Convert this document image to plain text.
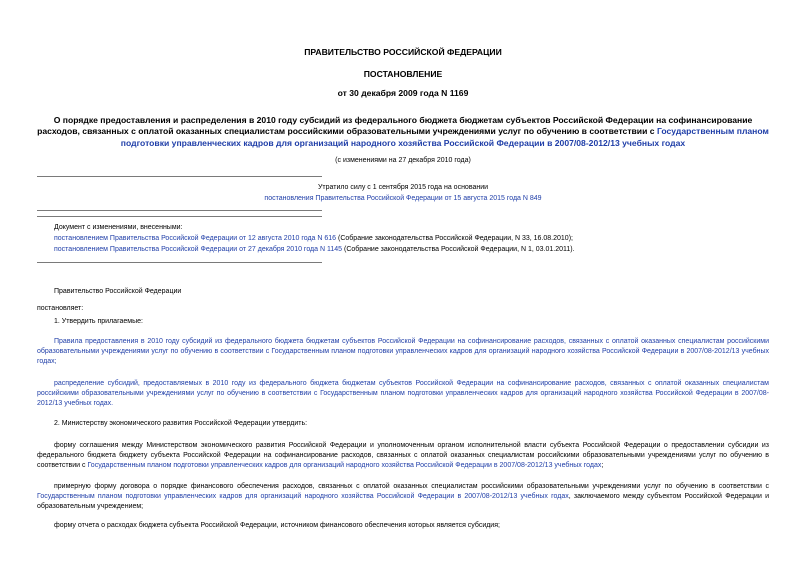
ПРАВИТЕЛЬСТВО РОССИЙСКОЙ ФЕДЕРАЦИИ
ПОСТАНОВЛЕНИЕ
от 30 декабря 2009 года N 1169
О порядке предоставления и распределения в 2010 году субсидий из федерального бюджета бюджетам субъектов Российской Федерации на софинансирование расходов, связанных с оплатой оказанных специалистам российскими образовательными учреждениями услуг по обучению в соответствии с Государственным планом подготовки управленческих кадров для организаций народного хозяйства Российской Федерации в 2007/08-2012/13 учебных годах
(с изменениями на 27 декабря 2010 года)
Утратило силу с 1 сентября 2015 года на основании
постановления Правительства Российской Федерации от 15 августа 2015 года N 849
Документ с изменениями, внесенными:
постановлением Правительства Российской Федерации от 12 августа 2010 года N 616 (Собрание законодательства Российской Федерации, N 33, 16.08.2010);
постановлением Правительства Российской Федерации от 27 декабря 2010 года N 1145 (Собрание законодательства Российской Федерации, N 1, 03.01.2011).
Правительство Российской Федерации
постановляет:
1. Утвердить прилагаемые:
Правила предоставления в 2010 году субсидий из федерального бюджета бюджетам субъектов Российской Федерации на софинансирование расходов, связанных с оплатой оказанных специалистам российскими образовательными учреждениями услуг по обучению в соответствии с Государственным планом подготовки управленческих кадров для организаций народного хозяйства Российской Федерации в 2007/08-2012/13 учебных годах;
распределение субсидий, предоставляемых в 2010 году из федерального бюджета бюджетам субъектов Российской Федерации на софинансирование расходов, связанных с оплатой оказанных специалистам российскими образовательными учреждениями услуг по обучению в соответствии с Государственным планом подготовки управленческих кадров для организаций народного хозяйства Российской Федерации в 2007/08-2012/13 учебных годах.
2. Министерству экономического развития Российской Федерации утвердить:
форму соглашения между Министерством экономического развития Российской Федерации и уполномоченным органом исполнительной власти субъекта Российской Федерации о предоставлении субсидии из федерального бюджета бюджету субъекта Российской Федерации на софинансирование расходов, связанных с оплатой оказанных специалистам российскими образовательными учреждениями услуг по обучению в соответствии с Государственным планом подготовки управленческих кадров для организаций народного хозяйства Российской Федерации в 2007/08-2012/13 учебных годах;
примерную форму договора о порядке финансового обеспечения расходов, связанных с оплатой оказанных специалистам российскими образовательными учреждениями услуг по обучению в соответствии с Государственным планом подготовки управленческих кадров для организаций народного хозяйства Российской Федерации в 2007/08-2012/13 учебных годах, заключаемого между субъектом Российской Федерации и образовательным учреждением;
форму отчета о расходах бюджета субъекта Российской Федерации, источником финансового обеспечения которых является субсидия;
